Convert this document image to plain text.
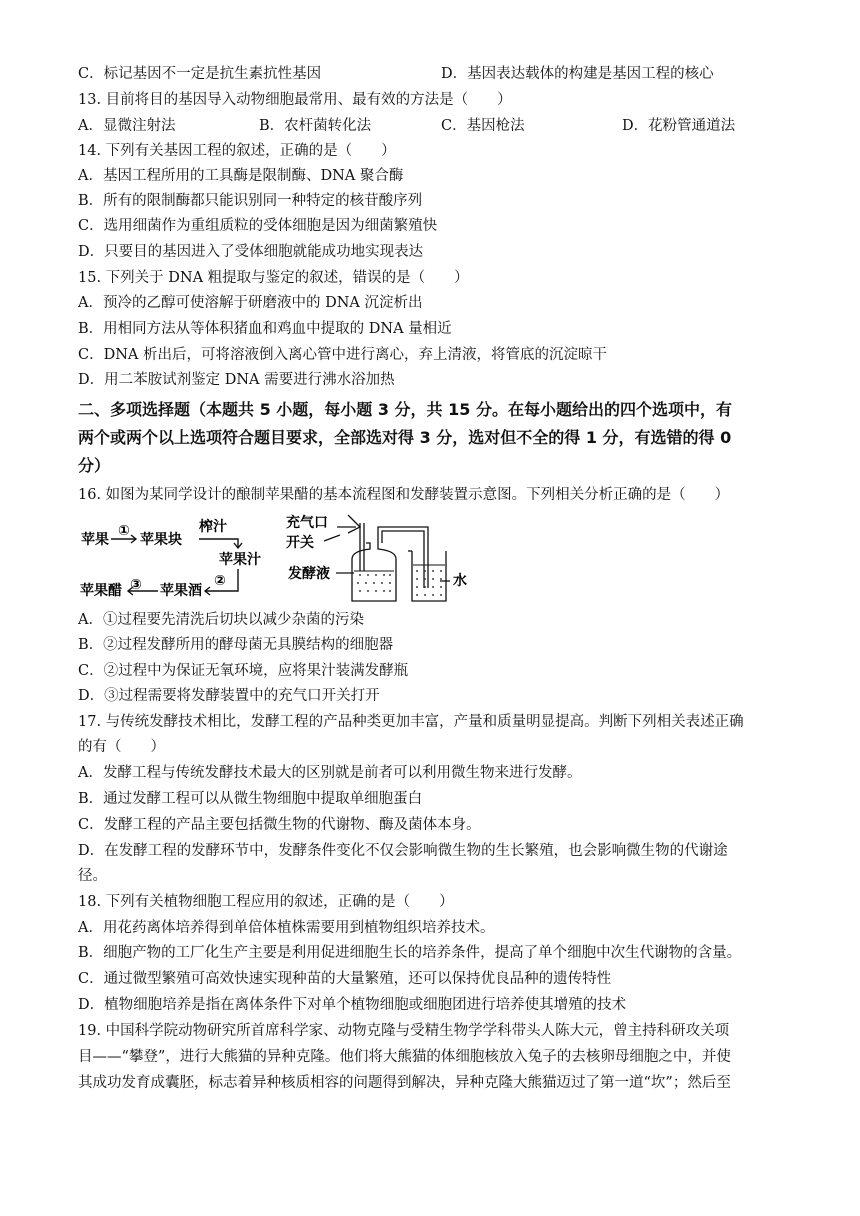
C．标记基因不一定是抗生素抗性基因	D．基因表达载体的构建是基因工程的核心
13. 目前将目的基因导入动物细胞最常用、最有效的方法是（　　）
A．显微注射法	B．农杆菌转化法	C．基因枪法	D．花粉管通道法
14. 下列有关基因工程的叙述，正确的是（　　）
A．基因工程所用的工具酶是限制酶、DNA 聚合酶
B．所有的限制酶都只能识别同一种特定的核苷酸序列
C．选用细菌作为重组质粒的受体细胞是因为细菌繁殖快
D．只要目的基因进入了受体细胞就能成功地实现表达
15. 下列关于 DNA 粗提取与鉴定的叙述，错误的是（　　）
A．预冷的乙醇可使溶解于研磨液中的 DNA 沉淀析出
B．用相同方法从等体积猪血和鸡血中提取的 DNA 量相近
C．DNA 析出后，可将溶液倒入离心管中进行离心，弃上清液，将管底的沉淀晾干
D．用二苯胺试剂鉴定 DNA 需要进行沸水浴加热
二、多项选择题（本题共 5 小题，每小题 3 分，共 15 分。在每小题给出的四个选项中，有
两个或两个以上选项符合题目要求，全部选对得 3 分，选对但不全的得 1 分，有选错的得 0
分）
16. 如图为某同学设计的酿制苹果醋的基本流程图和发酵装置示意图。下列相关分析正确的是（　　）
苹果 苹果块
榨汁
苹果汁
苹果酒
苹果醋
①
②
③
充气口
开关
发酵液	水
A．①过程要先清洗后切块以减少杂菌的污染
B．②过程发酵所用的酵母菌无具膜结构的细胞器
C．②过程中为保证无氧环境，应将果汁装满发酵瓶
D．③过程需要将发酵装置中的充气口开关打开
17. 与传统发酵技术相比，发酵工程的产品种类更加丰富，产量和质量明显提高。判断下列相关表述正确
的有（　　）
A．发酵工程与传统发酵技术最大的区别就是前者可以利用微生物来进行发酵。
B．通过发酵工程可以从微生物细胞中提取单细胞蛋白
C．发酵工程的产品主要包括微生物的代谢物、酶及菌体本身。
D．在发酵工程的发酵环节中，发酵条件变化不仅会影响微生物的生长繁殖，也会影响微生物的代谢途
径。
18. 下列有关植物细胞工程应用的叙述，正确的是（　　）
A．用花药离体培养得到单倍体植株需要用到植物组织培养技术。
B．细胞产物的工厂化生产主要是利用促进细胞生长的培养条件，提高了单个细胞中次生代谢物的含量。
C．通过微型繁殖可高效快速实现种苗的大量繁殖，还可以保持优良品种的遗传特性
D．植物细胞培养是指在离体条件下对单个植物细胞或细胞团进行培养使其增殖的技术
19. 中国科学院动物研究所首席科学家、动物克隆与受精生物学学科带头人陈大元，曾主持科研攻关项
目——“攀登”，进行大熊猫的异种克隆。他们将大熊猫的体细胞核放入兔子的去核卵母细胞之中，并使
其成功发育成囊胚，标志着异种核质相容的问题得到解决，异种克隆大熊猫迈过了第一道“坎”；然后至
